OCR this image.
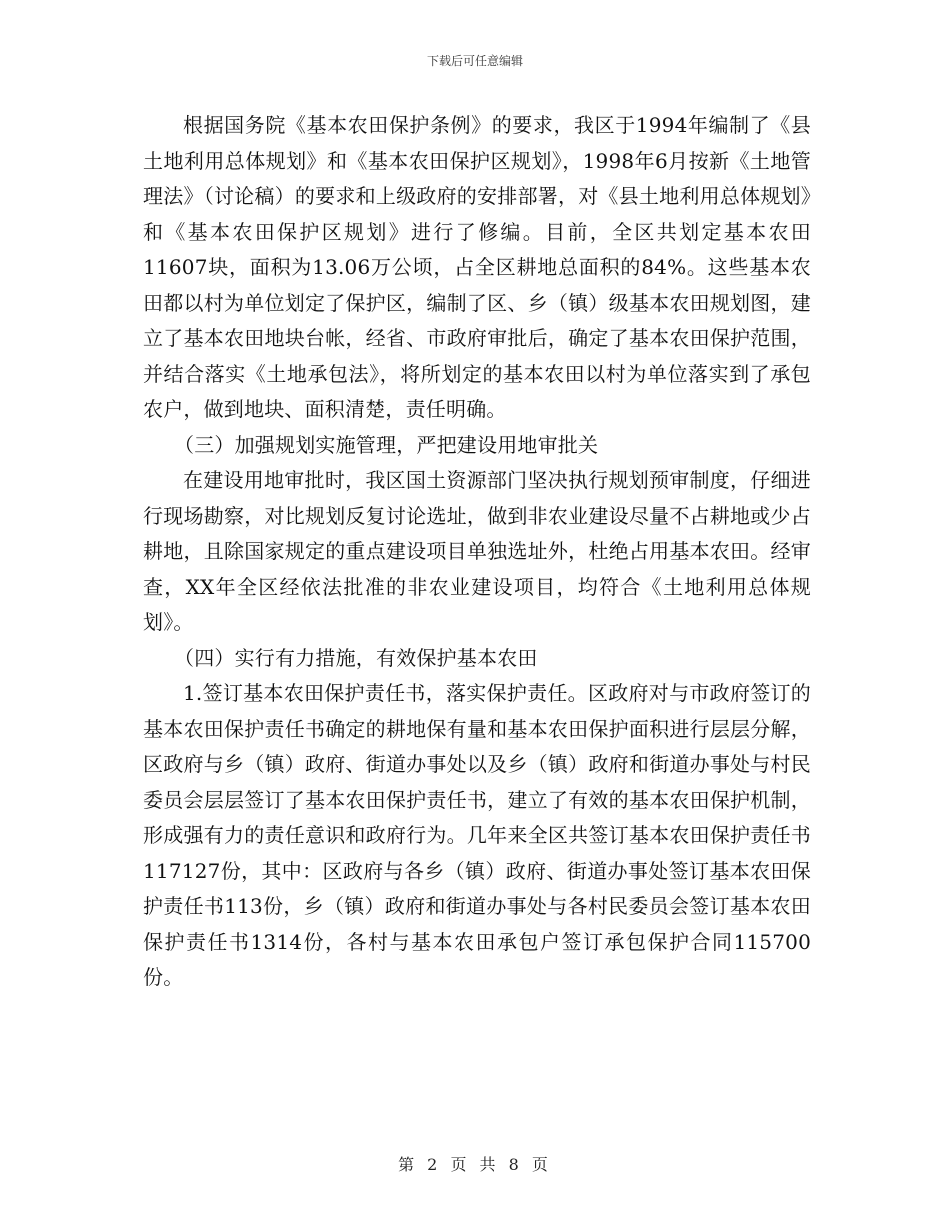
下载后可任意编辑

根据国务院《基本农田保护条例》的要求，我区于1994年编制了《县土地利用总体规划》和《基本农田保护区规划》，1998年6月按新《土地管理法》（讨论稿）的要求和上级政府的安排部署，对《县土地利用总体规划》和《基本农田保护区规划》进行了修编。目前，全区共划定基本农田11607块，面积为13.06万公顷，占全区耕地总面积的84%。这些基本农田都以村为单位划定了保护区，编制了区、乡（镇）级基本农田规划图，建立了基本农田地块台帐，经省、市政府审批后，确定了基本农田保护范围，并结合落实《土地承包法》，将所划定的基本农田以村为单位落实到了承包农户，做到地块、面积清楚，责任明确。

（三）加强规划实施管理，严把建设用地审批关

在建设用地审批时，我区国土资源部门坚决执行规划预审制度，仔细进行现场勘察，对比规划反复讨论选址，做到非农业建设尽量不占耕地或少占耕地，且除国家规定的重点建设项目单独选址外，杜绝占用基本农田。经审查，XX年全区经依法批准的非农业建设项目，均符合《土地利用总体规划》。

（四）实行有力措施，有效保护基本农田

1.签订基本农田保护责任书，落实保护责任。区政府对与市政府签订的基本农田保护责任书确定的耕地保有量和基本农田保护面积进行层层分解，区政府与乡（镇）政府、街道办事处以及乡（镇）政府和街道办事处与村民委员会层层签订了基本农田保护责任书，建立了有效的基本农田保护机制，形成强有力的责任意识和政府行为。几年来全区共签订基本农田保护责任书117127份，其中：区政府与各乡（镇）政府、街道办事处签订基本农田保护责任书113份，乡（镇）政府和街道办事处与各村民委员会签订基本农田保护责任书1314份，各村与基本农田承包户签订承包保护合同115700份。

第 2 页 共 8 页
